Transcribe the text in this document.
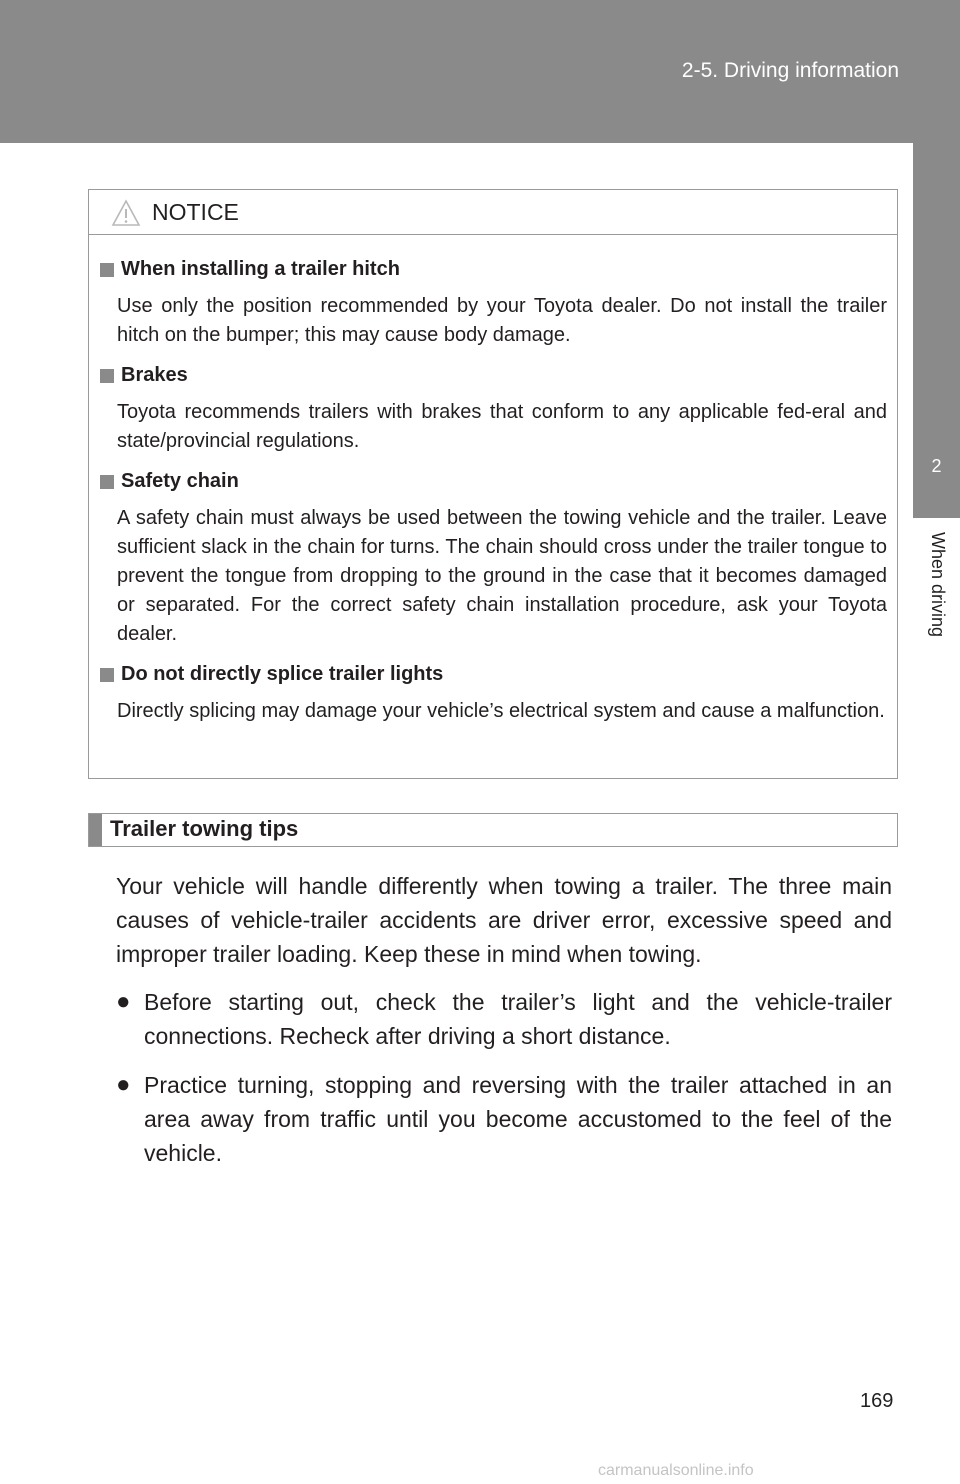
2-5. Driving information
2
When driving
NOTICE
When installing a trailer hitch
Use only the position recommended by your Toyota dealer. Do not install the trailer hitch on the bumper; this may cause body damage.
Brakes
Toyota recommends trailers with brakes that conform to any applicable fed-eral and state/provincial regulations.
Safety chain
A safety chain must always be used between the towing vehicle and the trailer. Leave sufficient slack in the chain for turns. The chain should cross under the trailer tongue to prevent the tongue from dropping to the ground in the case that it becomes damaged or separated. For the correct safety chain installation procedure, ask your Toyota dealer.
Do not directly splice trailer lights
Directly splicing may damage your vehicle’s electrical system and cause a malfunction.
Trailer towing tips
Your vehicle will handle differently when towing a trailer. The three main causes of vehicle-trailer accidents are driver error, excessive speed and improper trailer loading. Keep these in mind when towing.
● Before starting out, check the trailer’s light and the vehicle-trailer connections. Recheck after driving a short distance.
● Practice turning, stopping and reversing with the trailer attached in an area away from traffic until you become accustomed to the feel of the vehicle.
169
carmanualsonline.info
